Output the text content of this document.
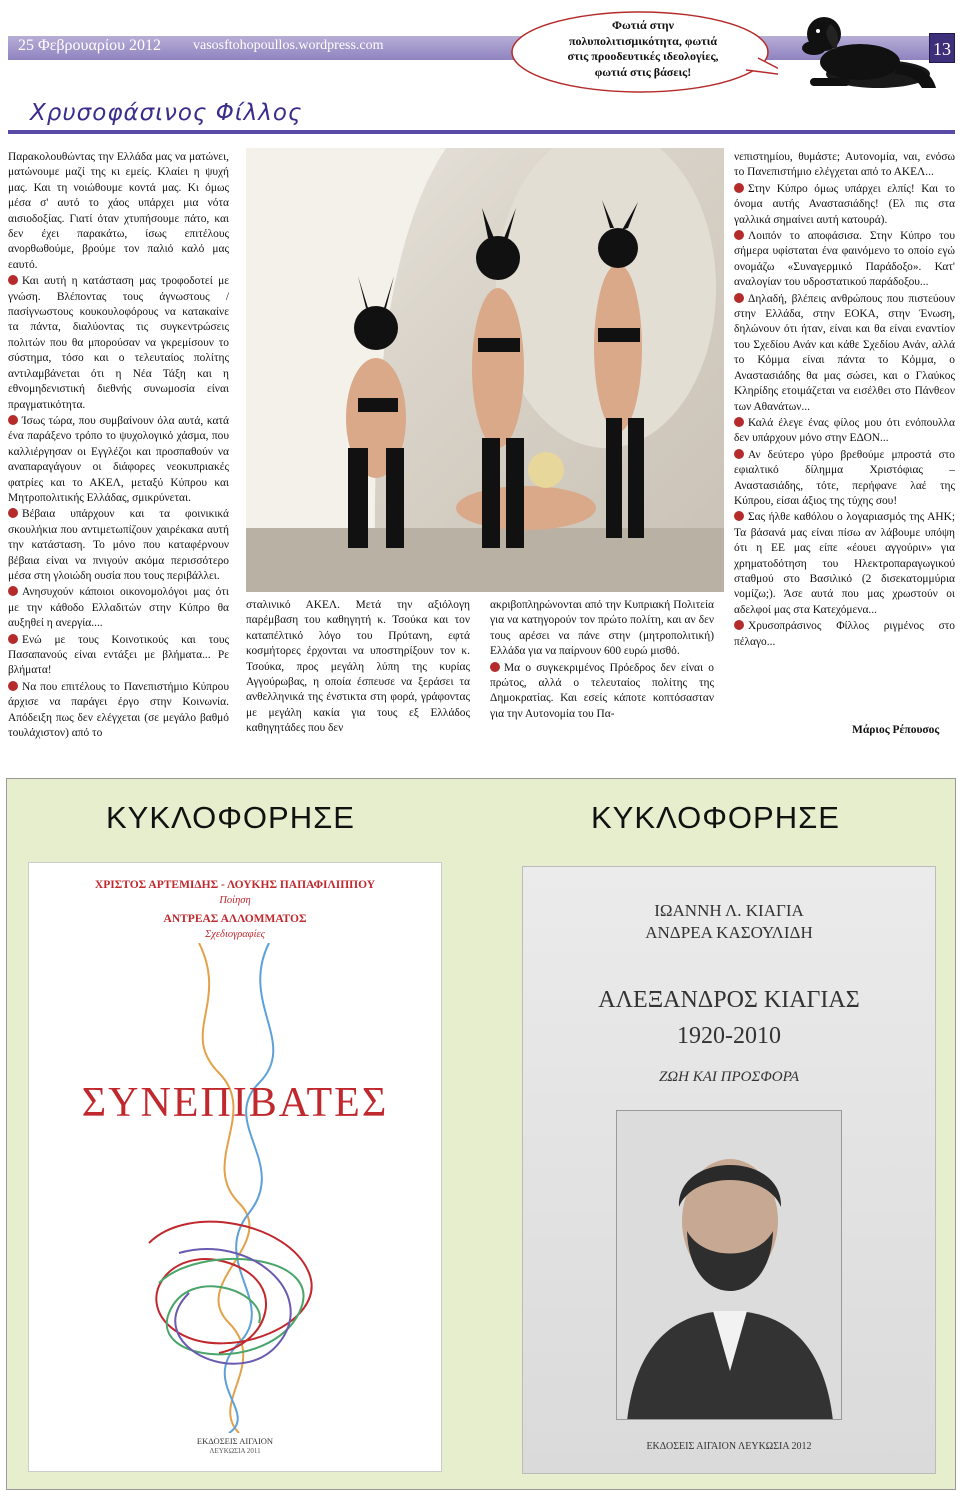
25 Φεβρουαρίου 2012 vasosftohopoullos.wordpress.com	13
Φωτιά στην
πολυπολιτισμικότητα, φωτιά
στις προοδευτικές ιδεολογίες,
φωτιά στις βάσεις!
Χρυσοφάσινος Φίλλος

Παρακολουθώντας την Ελλάδα μας να ματώνει, ματώνουμε μαζί της κι εμείς. Κλαίει η ψυχή μας. Και τη νοιώθουμε κοντά μας. Κι όμως μέσα σ' αυτό το χάος υπάρχει μια νότα αισιοδοξίας. Γιατί όταν χτυπήσουμε πάτο, και δεν έχει παρακάτω, ίσως επιτέλους ανορθωθούμε, βρούμε τον παλιό καλό μας εαυτό.

Και αυτή η κατάσταση μας τροφοδοτεί με γνώση. Βλέποντας τους άγνωστους / πασίγνωστους κουκουλοφόρους να κατακαίνε τα πάντα, διαλύοντας τις συγκεντρώσεις πολιτών που θα μπορούσαν να γκρεμίσουν το σύστημα, τόσο και ο τελευταίος πολίτης αντιλαμβάνεται ότι η Νέα Τάξη και η εθνομηδενιστική διεθνής συνωμοσία είναι πραγματικότητα.

Ίσως τώρα, που συμβαίνουν όλα αυτά, κατά ένα παράξενο τρόπο το ψυχολογικό χάσμα, που καλλιέργησαν οι Εγγλέζοι και προσπαθούν να αναπαραγάγουν οι διάφορες νεοκυπριακές φατρίες και το ΑΚΕΛ, μεταξύ Κύπρου και Μητροπολιτικής Ελλάδας, σμικρύνεται.

Βέβαια υπάρχουν και τα φοινικικά σκουλήκια που αντιμετωπίζουν χαιρέκακα αυτή την κατάσταση. Το μόνο που καταφέρνουν βέβαια είναι να πνιγούν ακόμα περισσότερο μέσα στη γλοιώδη ουσία που τους περιβάλλει.

Ανησυχούν κάποιοι οικονομολόγοι μας ότι με την κάθοδο Ελλαδιτών στην Κύπρο θα αυξηθεί η ανεργία....

Ενώ με τους Κοινοτικούς και τους Πασαπανούς είναι εντάξει με βλήματα... Ρε βλήματα!

Να που επιτέλους το Πανεπιστήμιο Κύπρου άρχισε να παράγει έργο στην Κοινωνία. Απόδειξη πως δεν ελέγχεται (σε μεγάλο βαθμό τουλάχιστον) από το

σταλινικό ΑΚΕΛ. Μετά την αξιόλογη παρέμβαση του καθηγητή κ. Τσούκα και τον καταπέλτικό λόγο του Πρύτανη, εφτά κοσμήτορες έρχονται να υποστηρίξουν τον κ. Τσούκα, προς μεγάλη λύπη της κυρίας Αγγούρωβας, η οποία έσπευσε να ξεράσει τα ανθελληνικά της ένστικτα στη φορά, γράφοντας με μεγάλη κακία για τους εξ Ελλάδος καθηγητάδες που δεν

ακριβοπληρώνονται από την Κυπριακή Πολιτεία για να κατηγορούν τον πρώτο πολίτη, και αν δεν τους αρέσει να πάνε στην (μητροπολιτική) Ελλάδα για να παίρνουν 600 ευρώ μισθό.

Μα ο συγκεκριμένος Πρόεδρος δεν είναι ο πρώτος, αλλά ο τελευταίος πολίτης της Δημοκρατίας. Και εσείς κάποτε κοπτόσασταν για την Αυτονομία του Πα-

νεπιστημίου, θυμάστε; Αυτονομία, ναι, ενόσω το Πανεπιστήμιο ελέγχεται από το ΑΚΕΛ...

Στην Κύπρο όμως υπάρχει ελπίς! Και το όνομα αυτής Αναστασιάδης! (Ελ πις στα γαλλικά σημαίνει αυτή κατουρά).

Λοιπόν το αποφάσισα. Στην Κύπρο του σήμερα υφίσταται ένα φαινόμενο το οποίο εγώ ονομάζω «Συναγερμικό Παράδοξο». Κατ' αναλογίαν του υδροστατικού παράδοξου...

Δηλαδή, βλέπεις ανθρώπους που πιστεύουν στην Ελλάδα, στην ΕΟΚΑ, στην Ένωση, δηλώνουν ότι ήταν, είναι και θα είναι εναντίον του Σχεδίου Ανάν και κάθε Σχεδίου Ανάν, αλλά το Κόμμα είναι πάντα το Κόμμα, ο Αναστασιάδης θα μας σώσει, και ο Γλαύκος Κληρίδης ετοιμάζεται να εισέλθει στο Πάνθεον των Αθανάτων...

Καλά έλεγε ένας φίλος μου ότι ενόπουλλα δεν υπάρχουν μόνο στην ΕΔΟΝ...

Αν δεύτερο γύρο βρεθούμε μπροστά στο εφιαλτικό δίλημμα Χριστόφιας – Αναστασιάδης, τότε, περήφανε λαέ της Κύπρου, είσαι άξιος της τύχης σου!

Σας ήλθε καθόλου ο λογαριασμός της ΑΗΚ; Τα βάσανά μας είναι πίσω αν λάβουμε υπόψη ότι η ΕΕ μας είπε «έουει αγγούριν» για χρηματοδότηση του Ηλεκτροπαραγωγικού σταθμού στο Βασιλικό (2 δισεκατομμύρια νομίζω;). Άσε αυτά που μας χρωστούν οι αδελφοί μας στα Κατεχόμενα...

Χρυσοπράσινος Φίλλος ριγμένος στο πέλαγο...

Μάριος Ρέπουσος
ΚΥΚΛΟΦΟΡΗΣΕ	ΚΥΚΛΟΦΟΡΗΣΕ
ΧΡΙΣΤΟΣ ΑΡΤΕΜΙΔΗΣ - ΛΟΥΚΗΣ ΠΑΠΑΦΙΛΙΠΠΟΥ
Ποίηση
ΑΝΤΡΕΑΣ ΑΛΛΟΜΜΑΤΟΣ
Σχεδιογραφίες
ΣΥΝΕΠΙΒΑΤΕΣ
ΕΚΔΟΣΕΙΣ ΑΙΓΑΙΟΝ
ΛΕΥΚΩΣΙΑ 2011
ΙΩΑΝΝΗ Λ. ΚΙΑΓΙΑ
ΑΝΔΡΕΑ ΚΑΣΟΥΛΙΔΗ
ΑΛΕΞΑΝΔΡΟΣ ΚΙΑΓΙΑΣ
1920-2010
ΖΩΗ ΚΑΙ ΠΡΟΣΦΟΡΑ
ΕΚΔΟΣΕΙΣ ΑΙΓΑΙΟΝ ΛΕΥΚΩΣΙΑ 2012
